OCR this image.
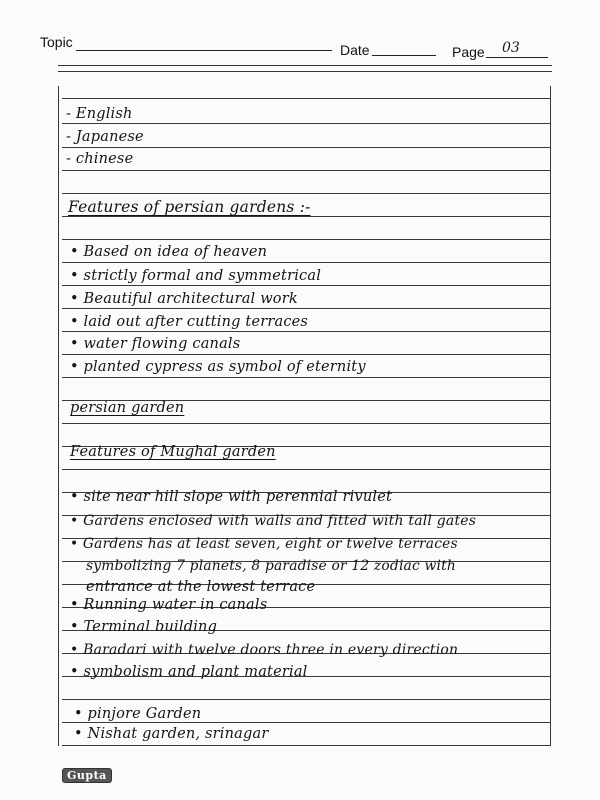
Topic	Date	Page 03
- English
- Japanese
- chinese
Features of persian gardens :-
• Based on idea of heaven
• strictly formal and symmetrical
• Beautiful architectural work
• laid out after cutting terraces
• water flowing canals
• planted cypress as symbol of eternity
persian garden
Features of Mughal garden
• site near hill slope with perennial rivulet
• Gardens enclosed with walls and fitted with tall gates
• Gardens has at least seven, eight or twelve terraces
symbolizing 7 planets, 8 paradise or 12 zodiac with
entrance at the lowest terrace
• Running water in canals
• Terminal building
• Baradari with twelve doors three in every direction
• symbolism and plant material
• pinjore Garden
• Nishat garden, srinagar
Gupta
